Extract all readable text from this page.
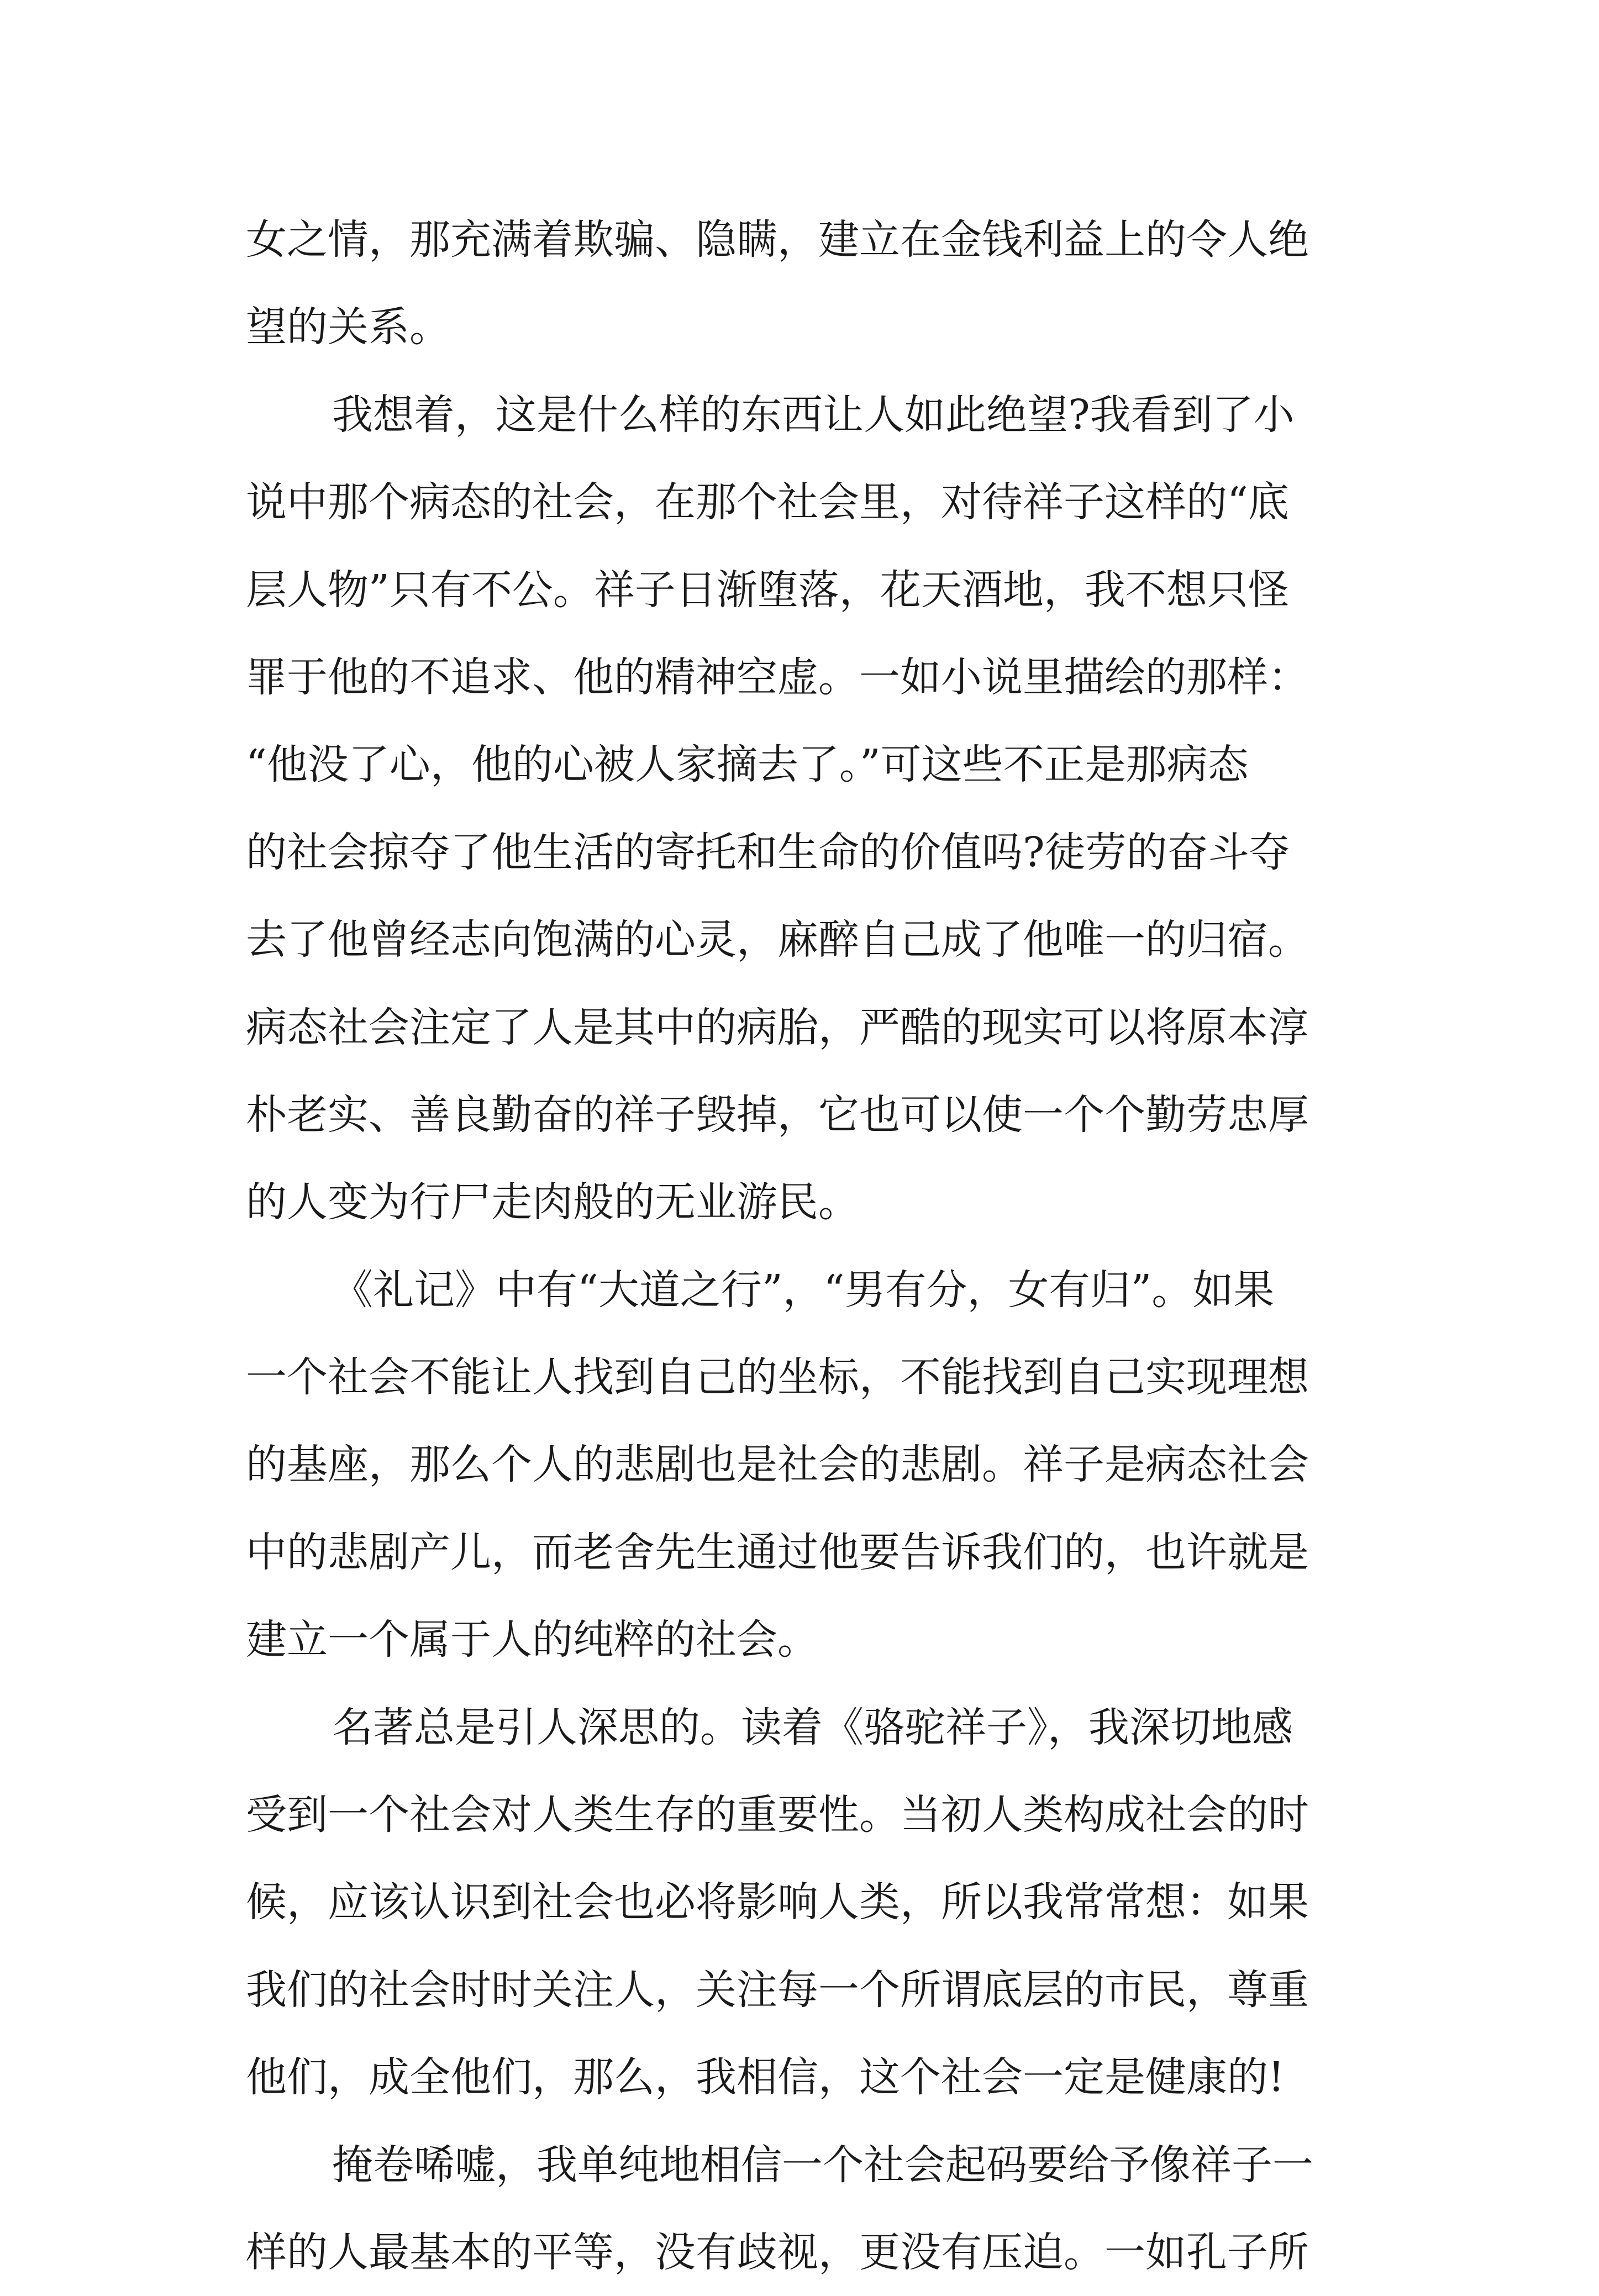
女之情，那充满着欺骗、隐瞒，建立在金钱利益上的令人绝
望的关系。
我想着，这是什么样的东西让人如此绝望?我看到了小
说中那个病态的社会，在那个社会里，对待祥子这样的“底
层人物”只有不公。祥子日渐堕落，花天酒地，我不想只怪
罪于他的不追求、他的精神空虚。一如小说里描绘的那样：
“他没了心，他的心被人家摘去了。”可这些不正是那病态
的社会掠夺了他生活的寄托和生命的价值吗?徒劳的奋斗夺
去了他曾经志向饱满的心灵，麻醉自己成了他唯一的归宿。
病态社会注定了人是其中的病胎，严酷的现实可以将原本淳
朴老实、善良勤奋的祥子毁掉，它也可以使一个个勤劳忠厚
的人变为行尸走肉般的无业游民。
《礼记》中有“大道之行”，“男有分，女有归”。如果
一个社会不能让人找到自己的坐标，不能找到自己实现理想
的基座，那么个人的悲剧也是社会的悲剧。祥子是病态社会
中的悲剧产儿，而老舍先生通过他要告诉我们的，也许就是
建立一个属于人的纯粹的社会。
名著总是引人深思的。读着《骆驼祥子》，我深切地感
受到一个社会对人类生存的重要性。当初人类构成社会的时
候，应该认识到社会也必将影响人类，所以我常常想：如果
我们的社会时时关注人，关注每一个所谓底层的市民，尊重
他们，成全他们，那么，我相信，这个社会一定是健康的!
掩卷唏嘘，我单纯地相信一个社会起码要给予像祥子一
样的人最基本的平等，没有歧视，更没有压迫。一如孔子所
